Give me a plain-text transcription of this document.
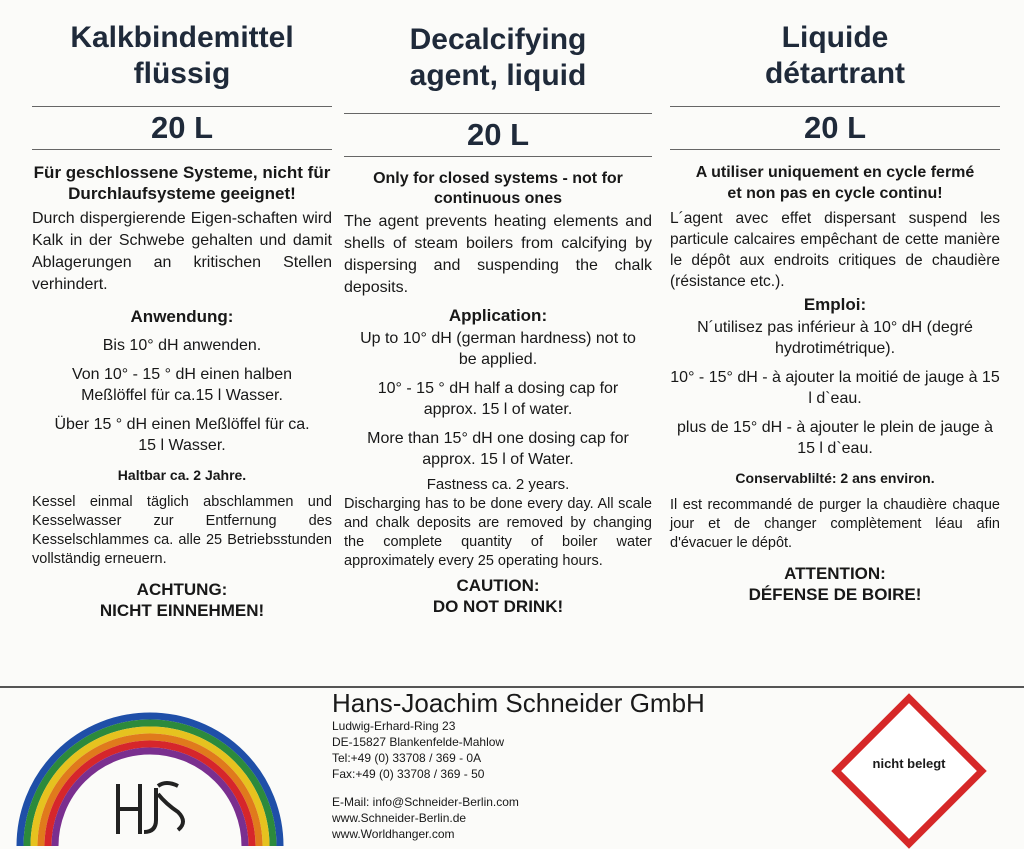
Kalkbindemittel
flüssig

20 L

Für geschlossene Systeme, nicht für Durchlaufsysteme geeignet!

Durch dispergierende Eigen-schaften wird Kalk in der Schwebe gehalten und damit Ablagerungen an kritischen Stellen verhindert.

Anwendung:

Bis 10° dH anwenden.

Von 10° - 15 ° dH einen halben Meßlöffel für ca.15 l Wasser.

Über 15 ° dH einen Meßlöffel für ca. 15 l Wasser.

Haltbar ca. 2 Jahre.

Kessel einmal täglich abschlammen und Kesselwasser zur Entfernung des Kesselschlammes ca. alle 25 Betriebsstunden vollständig erneuern.

ACHTUNG:
NICHT EINNEHMEN!

Decalcifying
agent, liquid

20 L

Only for closed systems - not for continuous ones

The agent prevents heating elements and shells of steam boilers from calcifying by dispersing and suspending the chalk deposits.

Application:

Up to 10° dH (german hardness) not to be applied.

10° - 15 ° dH half a dosing cap for approx. 15 l of water.

More than 15° dH one dosing cap for approx. 15 l of Water.

Fastness ca. 2 years.

Discharging has to be done every day. All scale and chalk deposits are removed by changing the complete quantity of boiler water approximately every 25 operating hours.

CAUTION:
DO NOT DRINK!

Liquide
détartrant

20 L

A utiliser uniquement en cycle fermé et non pas en cycle continu!

L´agent avec effet dispersant suspend les particule calcaires empêchant de cette manière le dépôt aux endroits critiques de chaudière (résistance etc.).

Emploi:

N´utilisez pas inférieur à 10° dH (degré hydrotimétrique).

10° - 15° dH - à ajouter la moitié de jauge à 15 l d`eau.

plus de 15° dH - à ajouter le plein de jauge à 15 l d`eau.

Conservablilté: 2 ans environ.

Il est recommandé de purger la chaudière chaque jour et de changer complètement léau afin d'évacuer le dépôt.

ATTENTION:
DÉFENSE DE BOIRE!

Hans-Joachim Schneider GmbH

Ludwig-Erhard-Ring 23
DE-15827 Blankenfelde-Mahlow
Tel:+49 (0) 33708 / 369 - 0A
Fax:+49 (0) 33708 / 369 - 50

E-Mail: info@Schneider-Berlin.com
www.Schneider-Berlin.de
www.Worldhanger.com

nicht belegt
